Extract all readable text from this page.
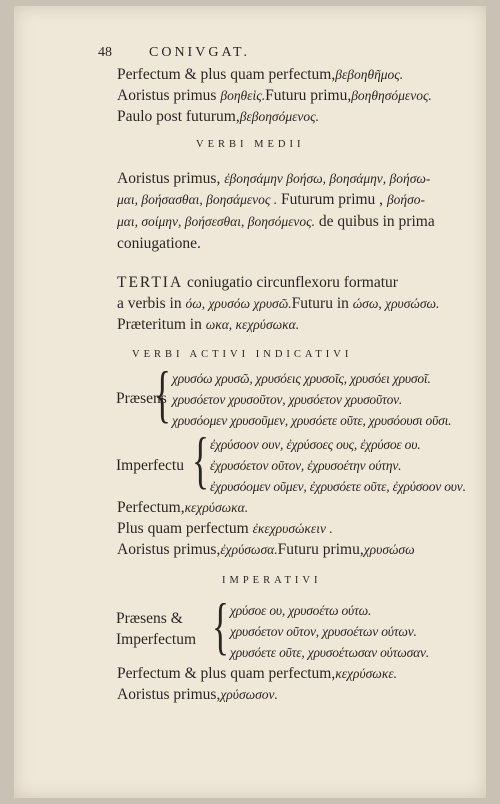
48	CONIVGAT.
Perfectum & plus quam perfectum,βεβοηθῆμος.
Aoristus primus βοηθεὶς.Futuru primu,βοηθησόμενος.
Paulo post futurum,βεβοησόμενος.
VERBI MEDII
Aoristus primus, ἐβοησάμην βοήσω, βοησάμην, βοήσω-
μαι, βοήσασθαι, βοησάμενος . Futurum primu , βοήσο-
μαι, σοίμην, βοήσεσθαι, βοησόμενος. de quibus in prima
coniugatione.
TERTIA coniugatio circunflexoru formatur
a verbis in όω, χρυσόω χρυσῶ.Futuru in ώσω, χρυσώσω.
Præteritum in ωκα, κεχρύσωκα.
VERBI ACTIVI INDICATIVI
{
Præsens
χρυσόω χρυσῶ, χρυσόεις χρυσοῖς, χρυσόει χρυσοῖ.
χρυσόετον χρυσοῦτον, χρυσόετον χρυσοῦτον.
χρυσόομεν χρυσοῦμεν, χρυσόετε οῦτε, χρυσόουσι οῦσι.
{
Imperfectu
ἐχρύσοον ουν, ἐχρύσοες ους, ἐχρύσοε ου.
ἐχρυσόετον οῦτον, ἐχρυσοέτην ούτην.
ἐχρυσόομεν οῦμεν, ἐχρυσόετε οῦτε, ἐχρύσοον ουν.
Perfectum,κεχρύσωκα.
Plus quam perfectum ἐκεχρυσώκειν .
Aoristus primus,ἐχρύσωσα.Futuru primu,χρυσώσω
IMPERATIVI
{
Præsens &
Imperfectum
χρύσοε ου, χρυσοέτω ούτω.
χρυσόετον οῦτον, χρυσοέτων ούτων.
χρυσόετε οῦτε, χρυσοέτωσαν ούτωσαν.
Perfectum & plus quam perfectum,κεχρύσωκε.
Aoristus primus,χρύσωσον.
